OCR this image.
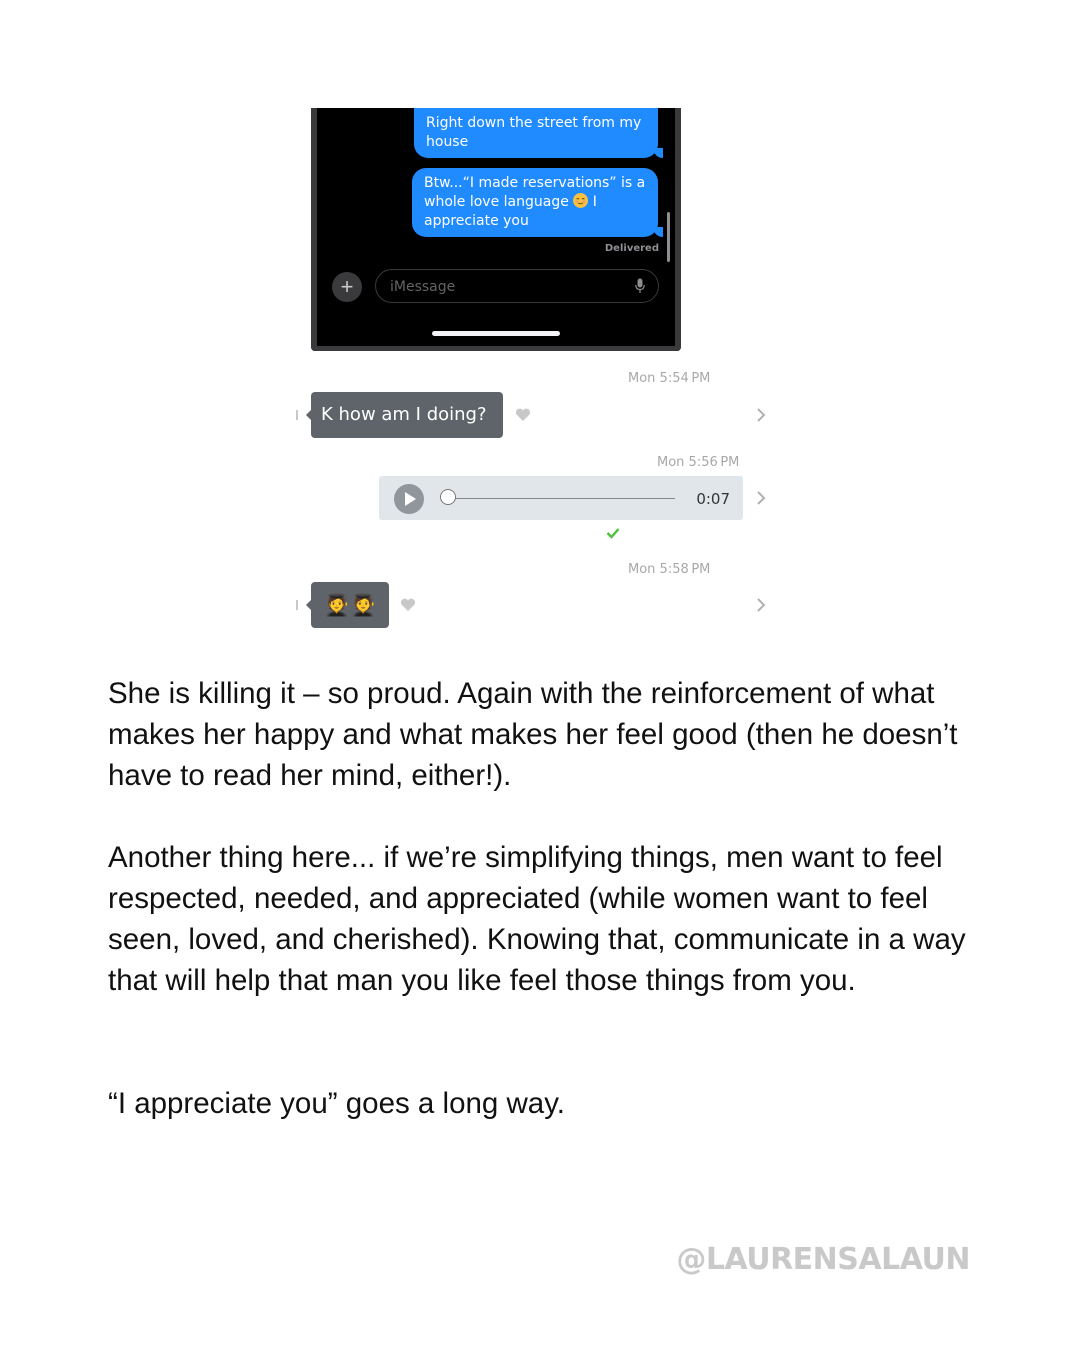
Right down the street from my house
Btw...“I made reservations” is a whole love language I appreciate you
Delivered
+
iMessage
Mon 5:54 PM
K how am I doing?
Mon 5:56 PM
0:07
Mon 5:58 PM
🧑‍🎓🧑‍🎓

She is killing it – so proud. Again with the reinforcement of what makes her happy and what makes her feel good (then he doesn’t have to read her mind, either!).

Another thing here... if we’re simplifying things, men want to feel respected, needed, and appreciated (while women want to feel seen, loved, and cherished). Knowing that, communicate in a way that will help that man you like feel those things from you.

“I appreciate you” goes a long way.

@LAURENSALAUN
